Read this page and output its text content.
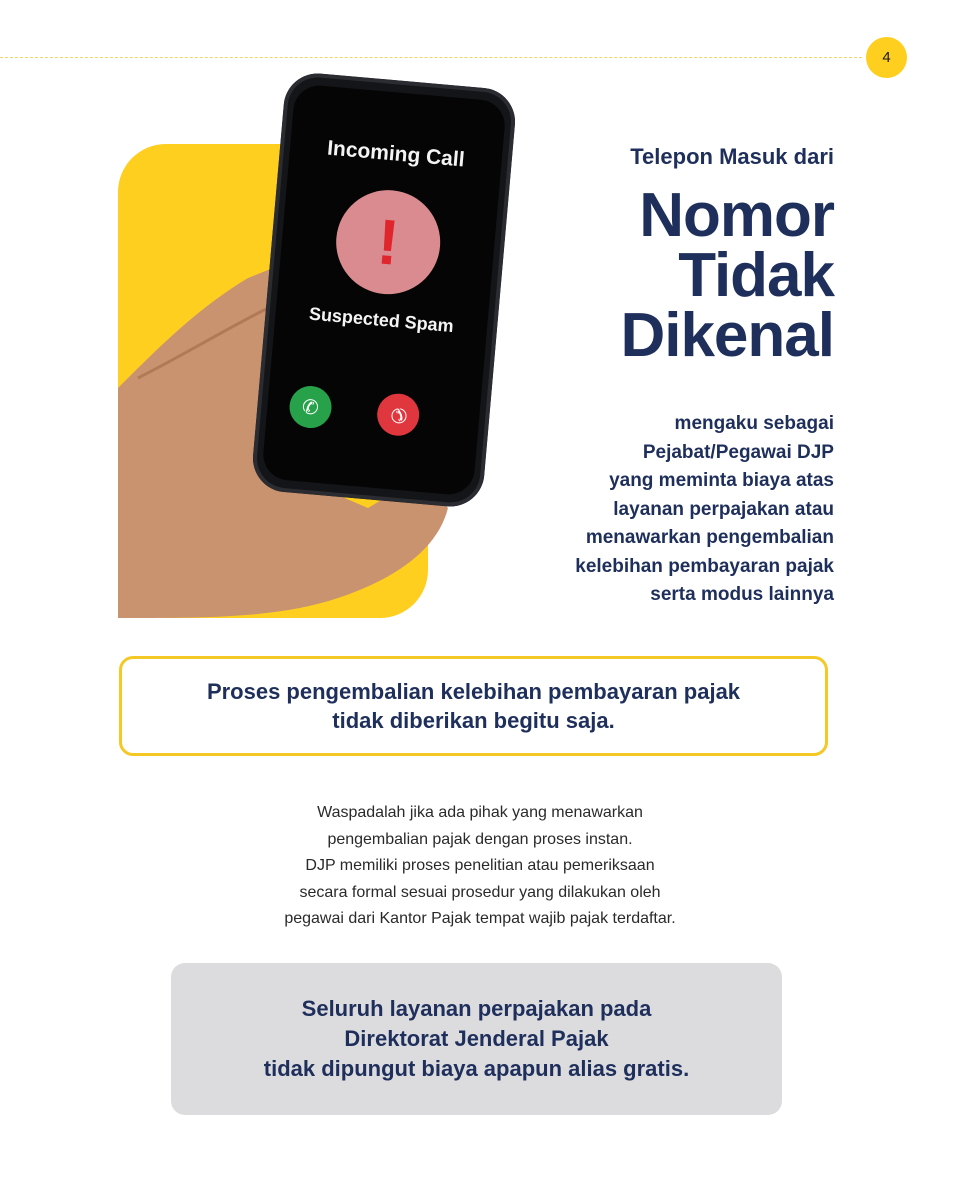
4
Incoming Call
!
Suspected Spam
✆	✆
Telepon Masuk dari
Nomor
Tidak
Dikenal
mengaku sebagai
Pejabat/Pegawai DJP
yang meminta biaya atas
layanan perpajakan atau
menawarkan pengembalian
kelebihan pembayaran pajak
serta modus lainnya
Proses pengembalian kelebihan pembayaran pajak
tidak diberikan begitu saja.
Waspadalah jika ada pihak yang menawarkan
pengembalian pajak dengan proses instan.
DJP memiliki proses penelitian atau pemeriksaan
secara formal sesuai prosedur yang dilakukan oleh
pegawai dari Kantor Pajak tempat wajib pajak terdaftar.
Seluruh layanan perpajakan pada
Direktorat Jenderal Pajak
tidak dipungut biaya apapun alias gratis.
